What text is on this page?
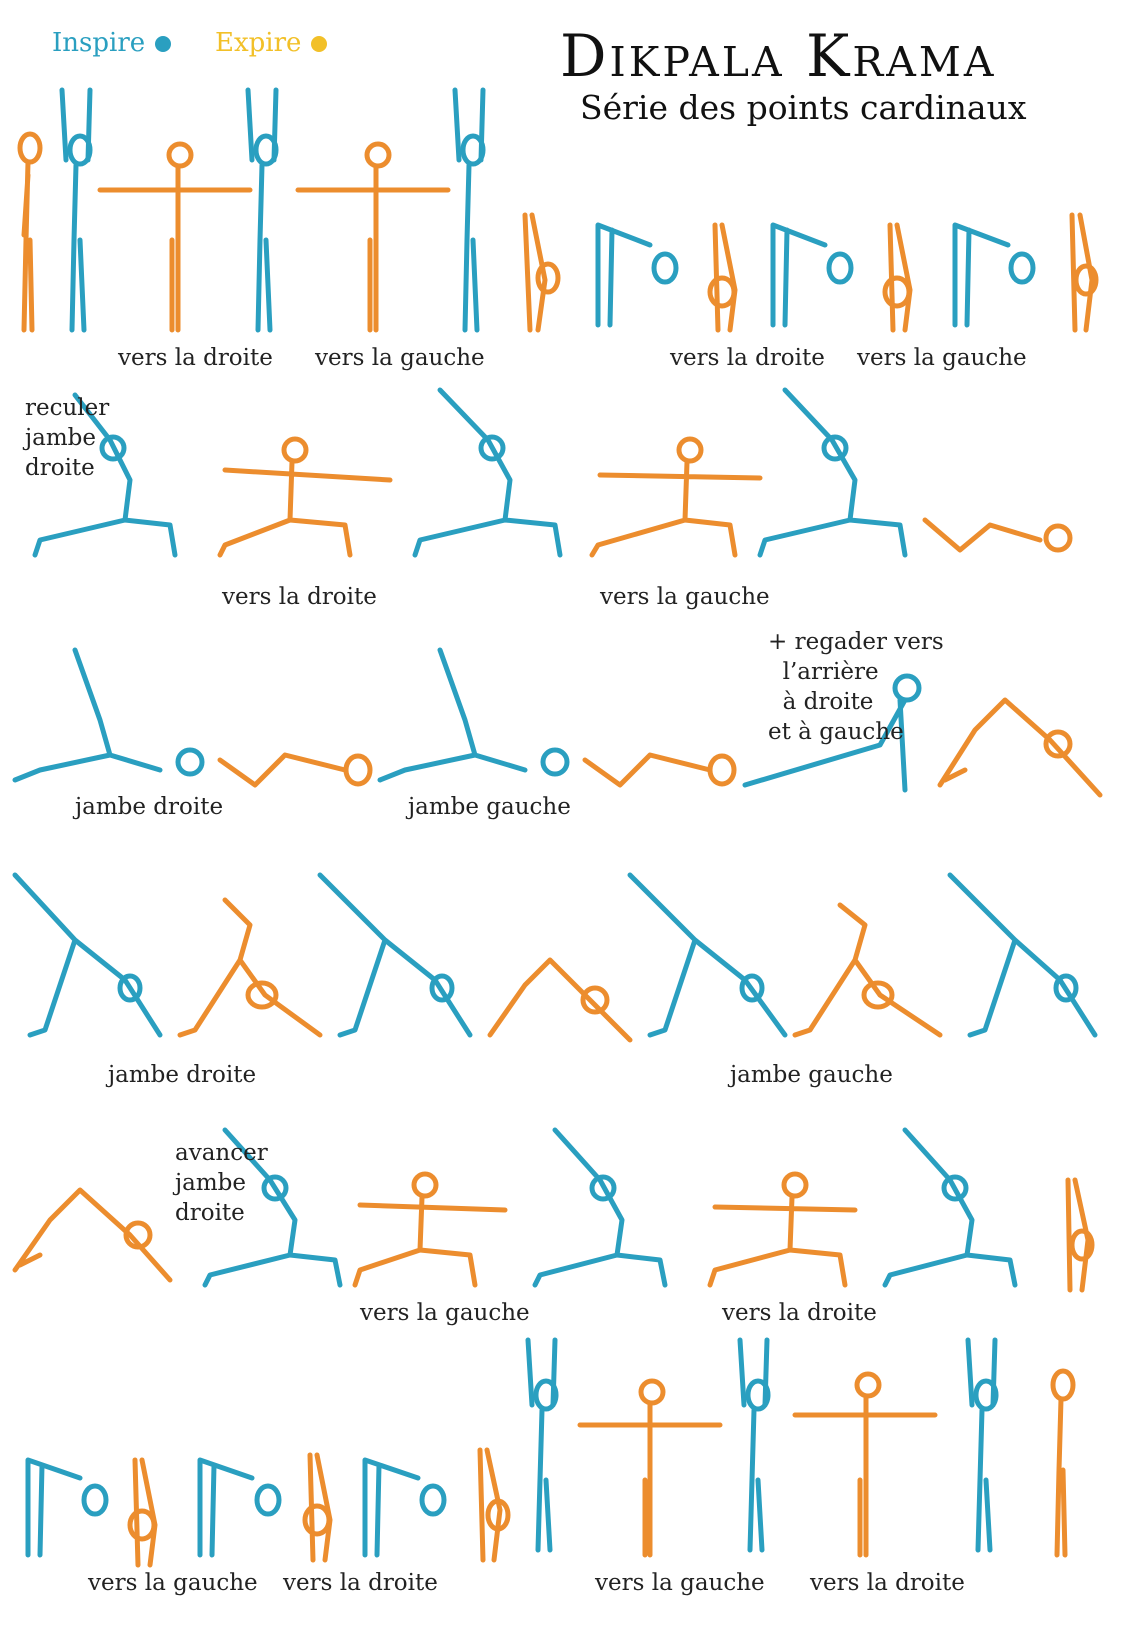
Inspire	Expire	Dikpala Krama
Série des points cardinaux
vers la droite vers la gauche	vers la droite vers la gauche
reculer
jambe
droite
vers la droite	vers la gauche
jambe droite	jambe gauche
+ regader vers
l’arrière
à droite
et à gauche
jambe droite	jambe gauche
avancer
jambe
droite
vers la gauche	vers la droite
vers la gauche vers la droite	vers la gauche vers la droite
